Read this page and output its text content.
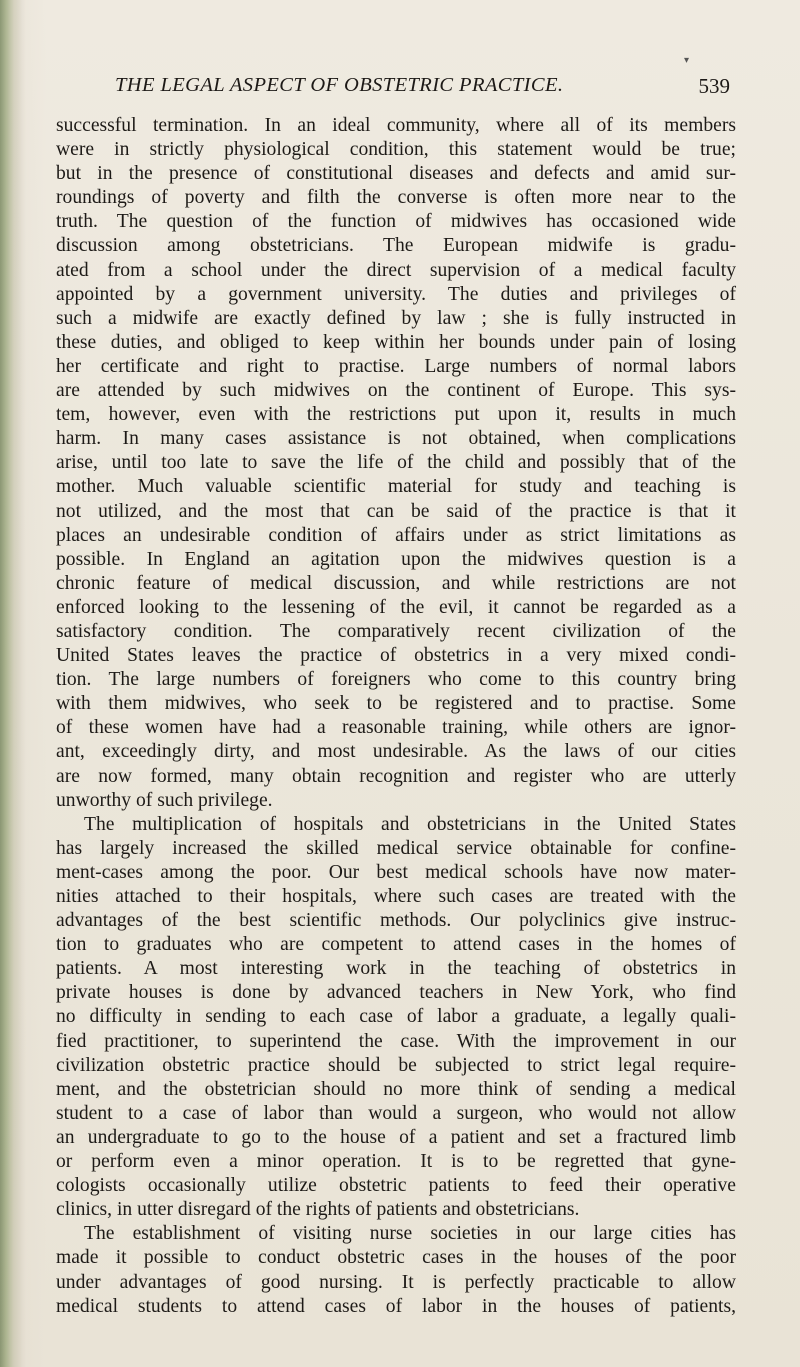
▾
THE LEGAL ASPECT OF OBSTETRIC PRACTICE.	539
successful termination. In an ideal community, where all of its members
were in strictly physiological condition, this statement would be true;
but in the presence of constitutional diseases and defects and amid sur-
roundings of poverty and filth the converse is often more near to the
truth. The question of the function of midwives has occasioned wide
discussion among obstetricians. The European midwife is gradu-
ated from a school under the direct supervision of a medical faculty
appointed by a government university. The duties and privileges of
such a midwife are exactly defined by law ; she is fully instructed in
these duties, and obliged to keep within her bounds under pain of losing
her certificate and right to practise. Large numbers of normal labors
are attended by such midwives on the continent of Europe. This sys-
tem, however, even with the restrictions put upon it, results in much
harm. In many cases assistance is not obtained, when complications
arise, until too late to save the life of the child and possibly that of the
mother. Much valuable scientific material for study and teaching is
not utilized, and the most that can be said of the practice is that it
places an undesirable condition of affairs under as strict limitations as
possible. In England an agitation upon the midwives question is a
chronic feature of medical discussion, and while restrictions are not
enforced looking to the lessening of the evil, it cannot be regarded as a
satisfactory condition. The comparatively recent civilization of the
United States leaves the practice of obstetrics in a very mixed condi-
tion. The large numbers of foreigners who come to this country bring
with them midwives, who seek to be registered and to practise. Some
of these women have had a reasonable training, while others are ignor-
ant, exceedingly dirty, and most undesirable. As the laws of our cities
are now formed, many obtain recognition and register who are utterly
unworthy of such privilege.
The multiplication of hospitals and obstetricians in the United States
has largely increased the skilled medical service obtainable for confine-
ment-cases among the poor. Our best medical schools have now mater-
nities attached to their hospitals, where such cases are treated with the
advantages of the best scientific methods. Our polyclinics give instruc-
tion to graduates who are competent to attend cases in the homes of
patients. A most interesting work in the teaching of obstetrics in
private houses is done by advanced teachers in New York, who find
no difficulty in sending to each case of labor a graduate, a legally quali-
fied practitioner, to superintend the case. With the improvement in our
civilization obstetric practice should be subjected to strict legal require-
ment, and the obstetrician should no more think of sending a medical
student to a case of labor than would a surgeon, who would not allow
an undergraduate to go to the house of a patient and set a fractured limb
or perform even a minor operation. It is to be regretted that gyne-
cologists occasionally utilize obstetric patients to feed their operative
clinics, in utter disregard of the rights of patients and obstetricians.
The establishment of visiting nurse societies in our large cities has
made it possible to conduct obstetric cases in the houses of the poor
under advantages of good nursing. It is perfectly practicable to allow
medical students to attend cases of labor in the houses of patients,
